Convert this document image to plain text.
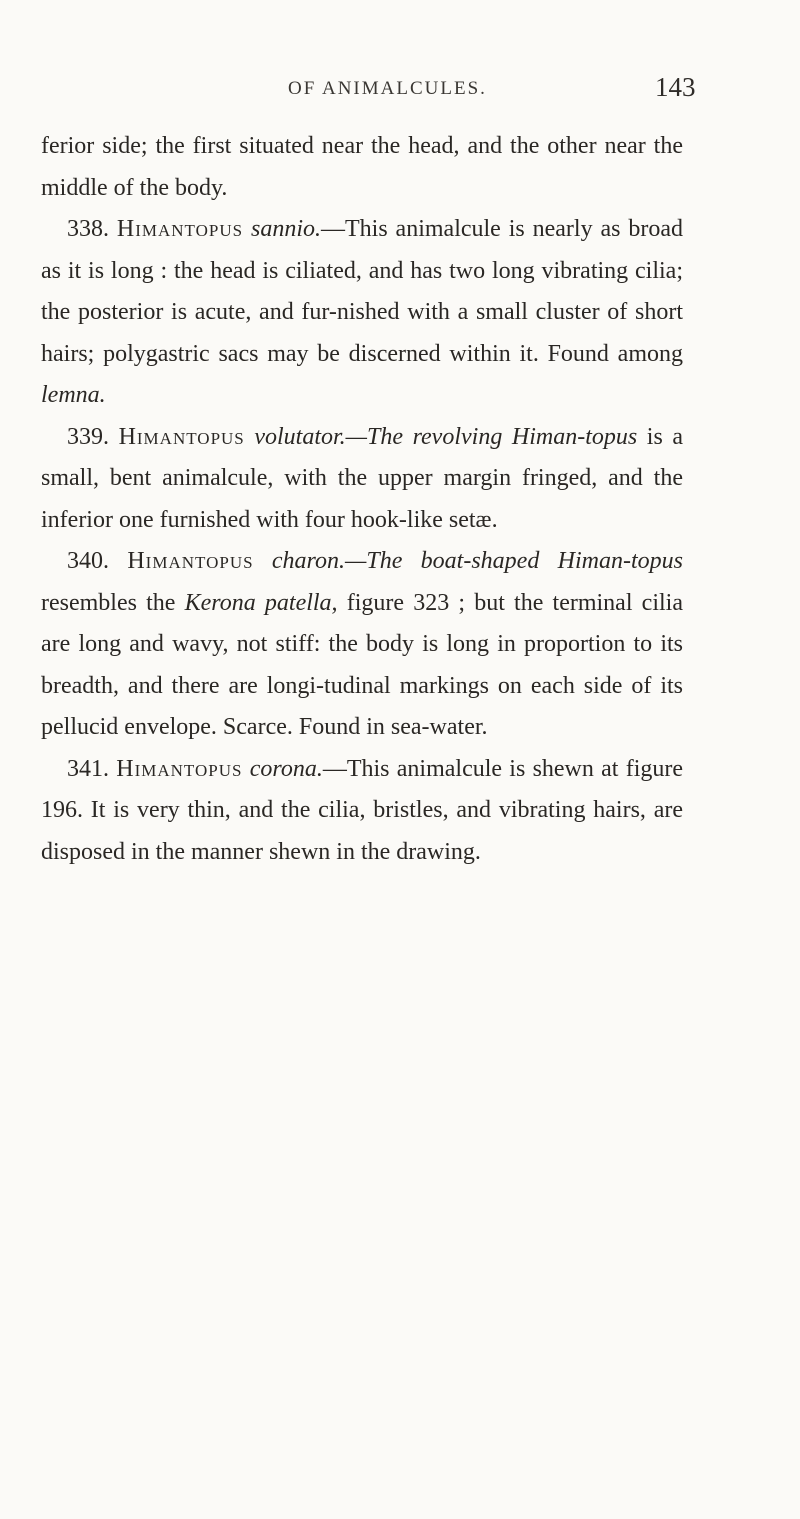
OF ANIMALCULES.	143

ferior side; the first situated near the head, and the other near the middle of the body.

338. Himantopus sannio.—This animalcule is nearly as broad as it is long : the head is ciliated, and has two long vibrating cilia; the posterior is acute, and fur-nished with a small cluster of short hairs; polygastric sacs may be discerned within it. Found among lemna.

339. Himantopus volutator.—The revolving Himan-topus is a small, bent animalcule, with the upper margin fringed, and the inferior one furnished with four hook-like setæ.

340. Himantopus charon.—The boat-shaped Himan-topus resembles the Kerona patella, figure 323 ; but the terminal cilia are long and wavy, not stiff: the body is long in proportion to its breadth, and there are longi-tudinal markings on each side of its pellucid envelope. Scarce. Found in sea-water.

341. Himantopus corona.—This animalcule is shewn at figure 196. It is very thin, and the cilia, bristles, and vibrating hairs, are disposed in the manner shewn in the drawing.
